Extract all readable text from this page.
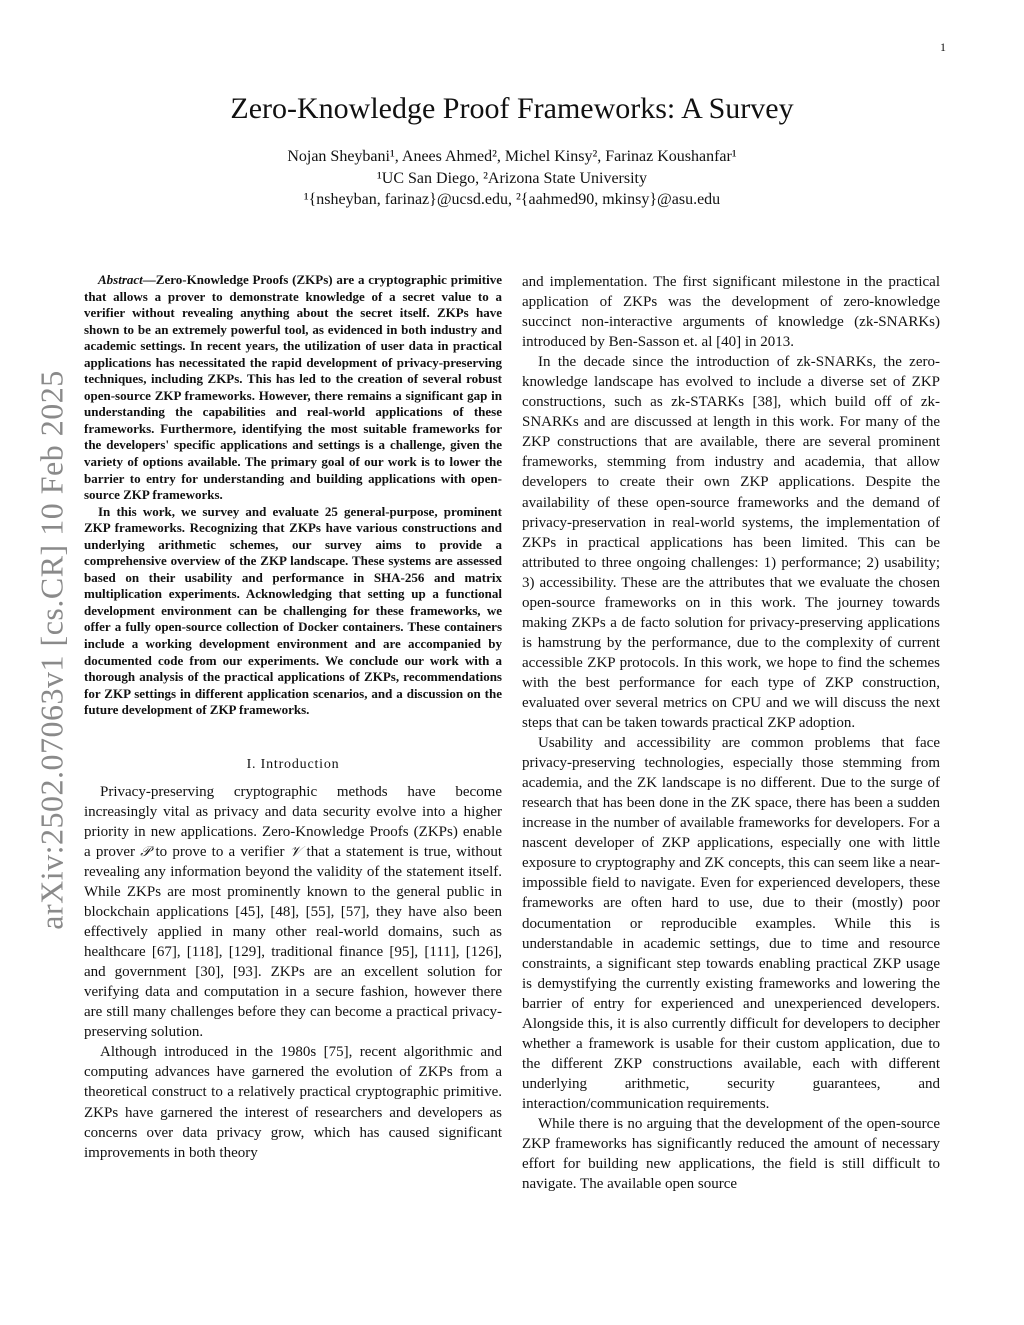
1
arXiv:2502.07063v1 [cs.CR] 10 Feb 2025
Zero-Knowledge Proof Frameworks: A Survey
Nojan Sheybani¹, Anees Ahmed², Michel Kinsy², Farinaz Koushanfar¹
¹UC San Diego, ²Arizona State University
¹{nsheyban, farinaz}@ucsd.edu, ²{aahmed90, mkinsy}@asu.edu

Abstract—Zero-Knowledge Proofs (ZKPs) are a cryptographic primitive that allows a prover to demonstrate knowledge of a secret value to a verifier without revealing anything about the secret itself. ZKPs have shown to be an extremely powerful tool, as evidenced in both industry and academic settings. In recent years, the utilization of user data in practical applications has necessitated the rapid development of privacy-preserving techniques, including ZKPs. This has led to the creation of several robust open-source ZKP frameworks. However, there remains a significant gap in understanding the capabilities and real-world applications of these frameworks. Furthermore, identifying the most suitable frameworks for the developers' specific applications and settings is a challenge, given the variety of options available. The primary goal of our work is to lower the barrier to entry for understanding and building applications with open-source ZKP frameworks.

In this work, we survey and evaluate 25 general-purpose, prominent ZKP frameworks. Recognizing that ZKPs have various constructions and underlying arithmetic schemes, our survey aims to provide a comprehensive overview of the ZKP landscape. These systems are assessed based on their usability and performance in SHA-256 and matrix multiplication experiments. Acknowledging that setting up a functional development environment can be challenging for these frameworks, we offer a fully open-source collection of Docker containers. These containers include a working development environment and are accompanied by documented code from our experiments. We conclude our work with a thorough analysis of the practical applications of ZKPs, recommendations for ZKP settings in different application scenarios, and a discussion on the future development of ZKP frameworks.

I. Introduction

Privacy-preserving cryptographic methods have become increasingly vital as privacy and data security evolve into a higher priority in new applications. Zero-Knowledge Proofs (ZKPs) enable a prover 𝒫 to prove to a verifier 𝒱 that a statement is true, without revealing any information beyond the validity of the statement itself. While ZKPs are most prominently known to the general public in blockchain applications [45], [48], [55], [57], they have also been effectively applied in many other real-world domains, such as healthcare [67], [118], [129], traditional finance [95], [111], [126], and government [30], [93]. ZKPs are an excellent solution for verifying data and computation in a secure fashion, however there are still many challenges before they can become a practical privacy-preserving solution.

Although introduced in the 1980s [75], recent algorithmic and computing advances have garnered the evolution of ZKPs from a theoretical construct to a relatively practical cryptographic primitive. ZKPs have garnered the interest of researchers and developers as concerns over data privacy grow, which has caused significant improvements in both theory

and implementation. The first significant milestone in the practical application of ZKPs was the development of zero-knowledge succinct non-interactive arguments of knowledge (zk-SNARKs) introduced by Ben-Sasson et. al [40] in 2013.

In the decade since the introduction of zk-SNARKs, the zero-knowledge landscape has evolved to include a diverse set of ZKP constructions, such as zk-STARKs [38], which build off of zk-SNARKs and are discussed at length in this work. For many of the ZKP constructions that are available, there are several prominent frameworks, stemming from industry and academia, that allow developers to create their own ZKP applications. Despite the availability of these open-source frameworks and the demand of privacy-preservation in real-world systems, the implementation of ZKPs in practical applications has been limited. This can be attributed to three ongoing challenges: 1) performance; 2) usability; 3) accessibility. These are the attributes that we evaluate the chosen open-source frameworks on in this work. The journey towards making ZKPs a de facto solution for privacy-preserving applications is hamstrung by the performance, due to the complexity of current accessible ZKP protocols. In this work, we hope to find the schemes with the best performance for each type of ZKP construction, evaluated over several metrics on CPU and we will discuss the next steps that can be taken towards practical ZKP adoption.

Usability and accessibility are common problems that face privacy-preserving technologies, especially those stemming from academia, and the ZK landscape is no different. Due to the surge of research that has been done in the ZK space, there has been a sudden increase in the number of available frameworks for developers. For a nascent developer of ZKP applications, especially one with little exposure to cryptography and ZK concepts, this can seem like a near-impossible field to navigate. Even for experienced developers, these frameworks are often hard to use, due to their (mostly) poor documentation or reproducible examples. While this is understandable in academic settings, due to time and resource constraints, a significant step towards enabling practical ZKP usage is demystifying the currently existing frameworks and lowering the barrier of entry for experienced and unexperienced developers. Alongside this, it is also currently difficult for developers to decipher whether a framework is usable for their custom application, due to the different ZKP constructions available, each with different underlying arithmetic, security guarantees, and interaction/communication requirements.

While there is no arguing that the development of the open-source ZKP frameworks has significantly reduced the amount of necessary effort for building new applications, the field is still difficult to navigate. The available open source
